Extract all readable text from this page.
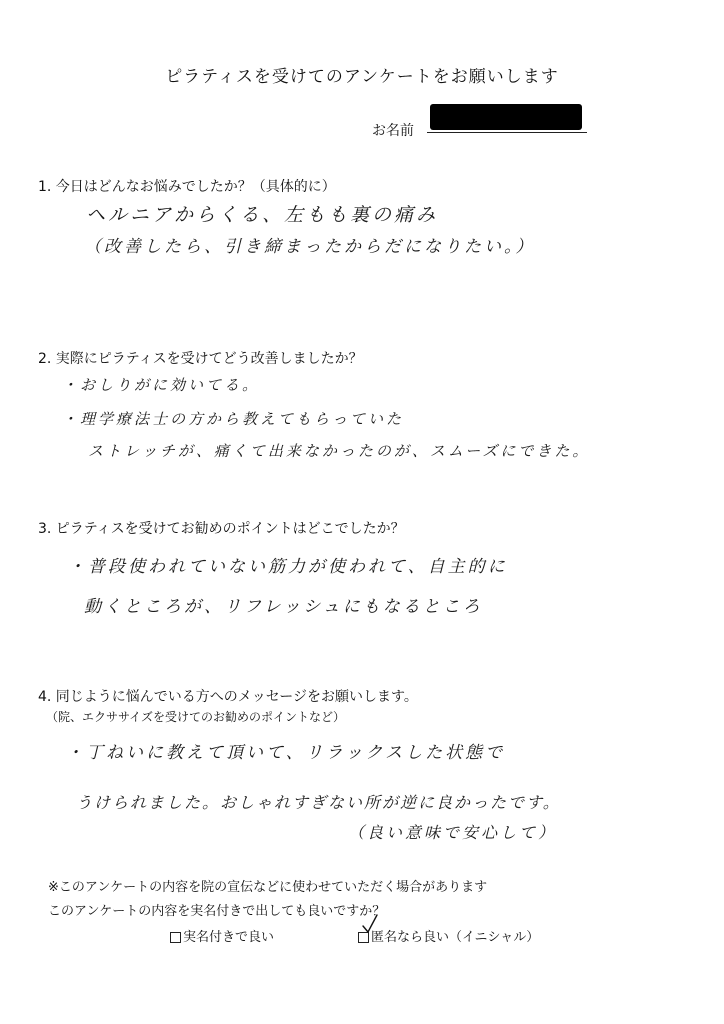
ピラティスを受けてのアンケートをお願いします
お名前
1. 今日はどんなお悩みでしたか？（具体的に）
ヘルニアからくる、左もも裏の痛み
（改善したら、引き締まったからだになりたい。）
2. 実際にピラティスを受けてどう改善しましたか？
・おしりがに効いてる。
・理学療法士の方から教えてもらっていた
ストレッチが、痛くて出来なかったのが、スムーズにできた。
3. ピラティスを受けてお勧めのポイントはどこでしたか？
・普段使われていない筋力が使われて、自主的に
動くところが、リフレッシュにもなるところ
4. 同じように悩んでいる方へのメッセージをお願いします。
（院、エクササイズを受けてのお勧めのポイントなど）
・丁ねいに教えて頂いて、リラックスした状態で
うけられました。おしゃれすぎない所が逆に良かったです。
（良い意味で安心して）
※このアンケートの内容を院の宣伝などに使わせていただく場合があります
このアンケートの内容を実名付きで出しても良いですか？
実名付きで良い	匿名なら良い（イニシャル）
